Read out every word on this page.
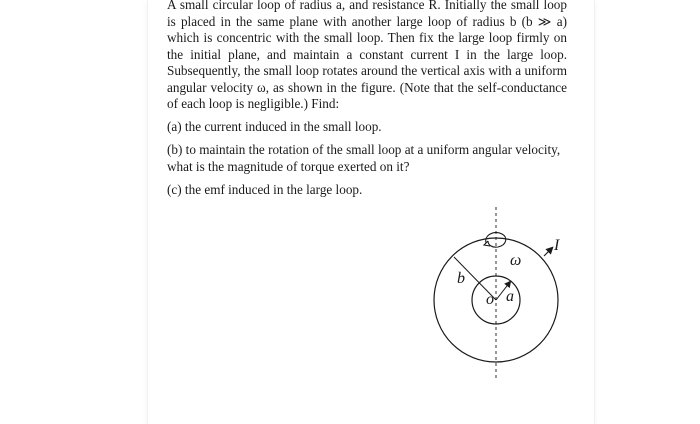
A small circular loop of radius a, and resistance R. Initially the small loop is placed in the same plane with another large loop of radius b (b ≫ a) which is concentric with the small loop. Then fix the large loop firmly on the initial plane, and maintain a constant current I in the large loop. Subsequently, the small loop rotates around the vertical axis with a uniform angular velocity ω, as shown in the figure. (Note that the self-conductance of each loop is negligible.) Find:

(a) the current induced in the small loop.

(b) to maintain the rotation of the small loop at a uniform angular velocity, what is the magnitude of torque exerted on it?

(c) the emf induced in the large loop.

b
a
o
ω
I
